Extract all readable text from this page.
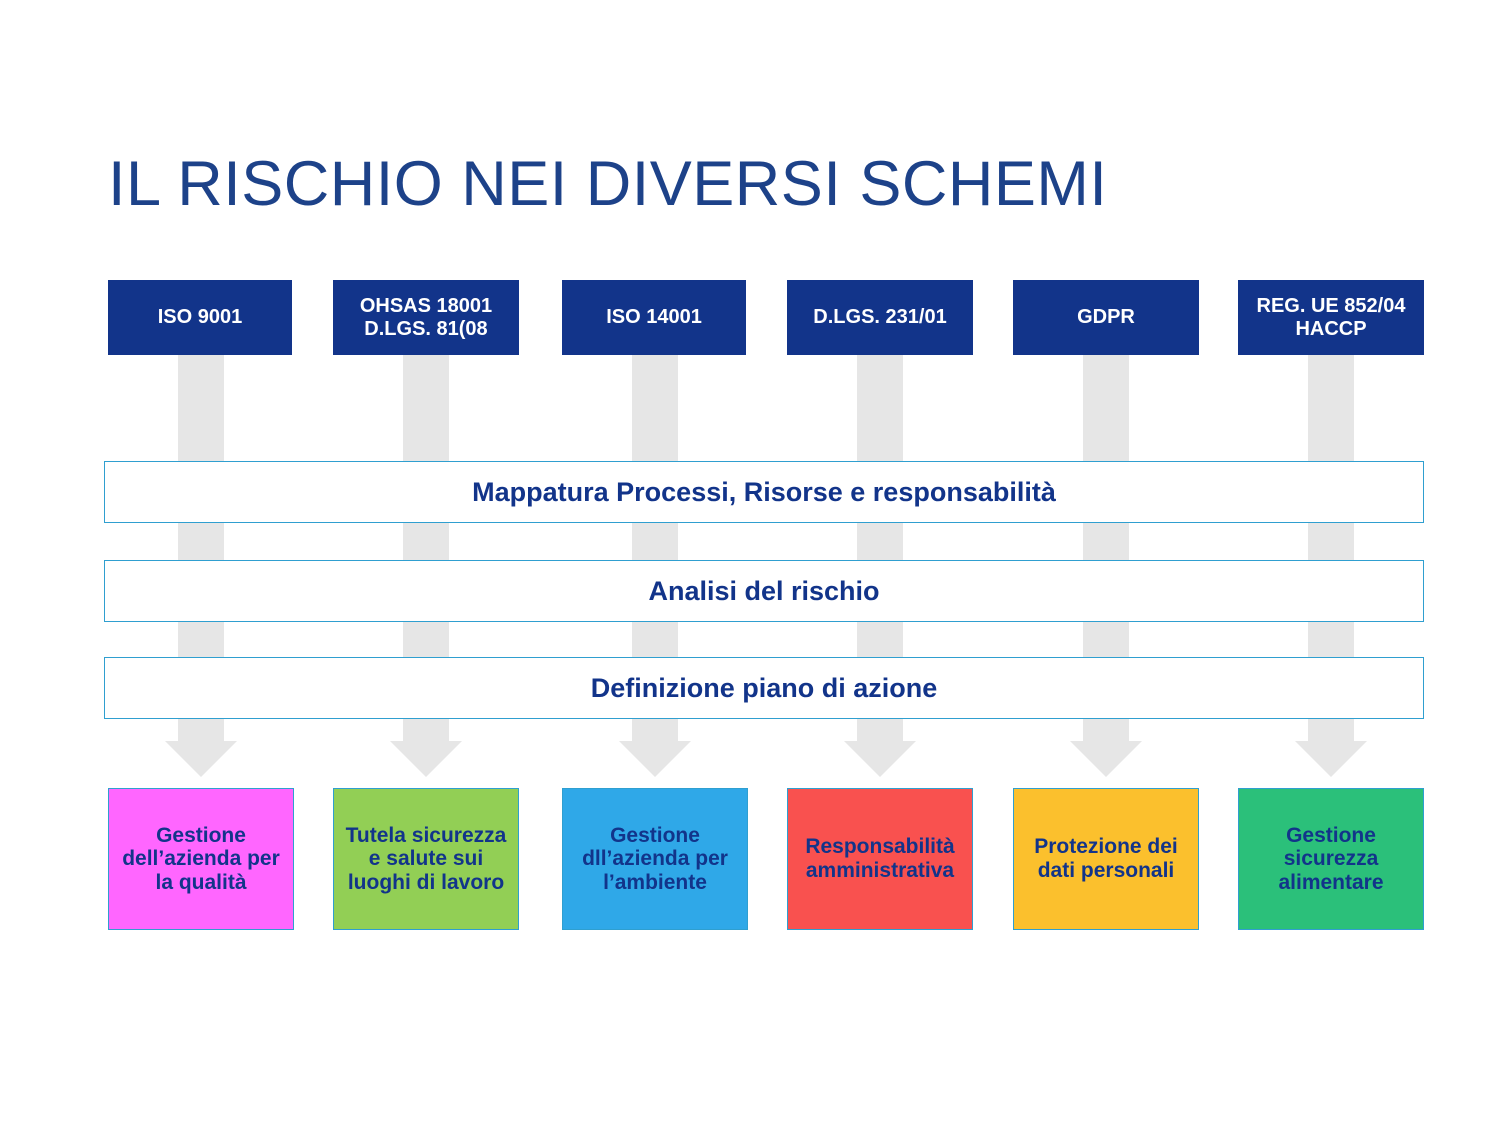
IL RISCHIO NEI DIVERSI SCHEMI
ISO 9001
OHSAS 18001
D.LGS. 81(08
ISO 14001	D.LGS. 231/01	GDPR
REG. UE 852/04
HACCP
Mappatura Processi, Risorse e responsabilità
Analisi del rischio
Definizione piano di azione
Gestione dell’azienda per la qualità
Tutela sicurezza e salute sui luoghi di lavoro
Gestione dll’azienda per l’ambiente
Responsabilità amministrativa
Protezione dei dati personali
Gestione sicurezza alimentare
